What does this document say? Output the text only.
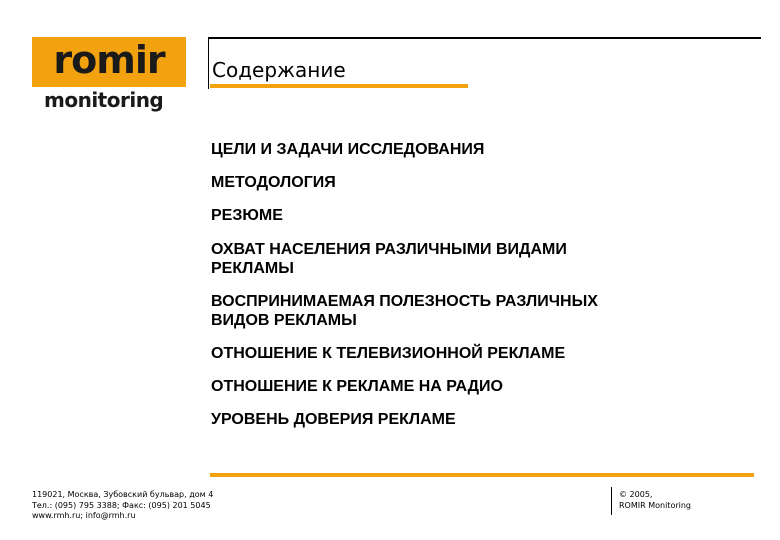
romir
monitoring
Содержание
ЦЕЛИ И ЗАДАЧИ ИССЛЕДОВАНИЯ
МЕТОДОЛОГИЯ
РЕЗЮМЕ
ОХВАТ НАСЕЛЕНИЯ РАЗЛИЧНЫМИ ВИДАМИ
РЕКЛАМЫ
ВОСПРИНИМАЕМАЯ ПОЛЕЗНОСТЬ РАЗЛИЧНЫХ
ВИДОВ РЕКЛАМЫ
ОТНОШЕНИЕ К ТЕЛЕВИЗИОННОЙ РЕКЛАМЕ
ОТНОШЕНИЕ К РЕКЛАМЕ НА РАДИО
УРОВЕНЬ ДОВЕРИЯ РЕКЛАМЕ
119021, Москва, Зубовский бульвар, дом 4
Тел.: (095) 795 3388; Факс: (095) 201 5045
www.rmh.ru; info@rmh.ru
© 2005,
ROMIR Monitoring
